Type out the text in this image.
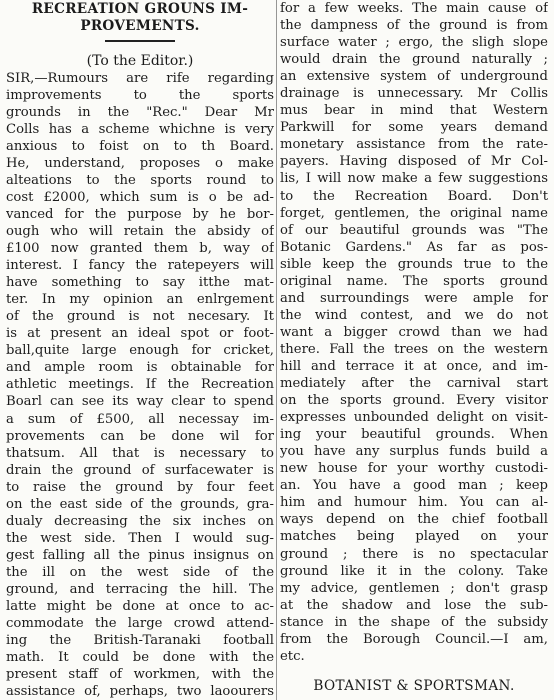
RECREATION GROUNS IM-
PROVEMENTS.
(To the Editor.)
SIR,—Rumours are rife regarding
improvements to the sports
grounds in the "Rec." Dear Mr
Colls has a scheme whichne is very
anxious to foist on to th Board.
He, understand, proposes o make
alteations to the sports round to
cost £2000, which sum is o be ad-
vanced for the purpose by he bor-
ough who will retain the absidy of
£100 now granted them b, way of
interest. I fancy the ratepeyers will
have something to say itthe mat-
ter. In my opinion an enlrgement
of the ground is not necesary. It
is at present an ideal spot or foot-
ball,quite large enough for cricket,
and ample room is obtainable for
athletic meetings. If the Recreation
Boarl can see its way clear to spend
a sum of £500, all necessay im-
provements can be done wil for
thatsum. All that is necessary to
drain the ground of surfacewater is
to raise the ground by four feet
on the east side of the grounds, gra-
dualy decreasing the six inches on
the west side. Then I would sug-
gest falling all the pinus insignus on
the ill on the west side of the
ground, and terracing the hill. The
latte might be done at once to ac-
commodate the large crowd attend-
ing the British-Taranaki football
math. It could be done with the
present staff of workmen, with the
assistance of, perhaps, two laoourers
for a few weeks. The main cause of
the dampness of the ground is from
surface water ; ergo, the sligh slope
would drain the ground naturally ;
an extensive system of underground
drainage is unnecessary. Mr Collis
mus bear in mind that Western
Parkwill for some years demand
monetary assistance from the rate-
payers. Having disposed of Mr Col-
lis, I will now make a few suggestions
to the Recreation Board. Don't
forget, gentlemen, the original name
of our beautiful grounds was "The
Botanic Gardens." As far as pos-
sible keep the grounds true to the
original name. The sports ground
and surroundings were ample for
the wind contest, and we do not
want a bigger crowd than we had
there. Fall the trees on the western
hill and terrace it at once, and im-
mediately after the carnival start
on the sports ground. Every visitor
expresses unbounded delight on visit-
ing your beautiful grounds. When
you have any surplus funds build a
new house for your worthy custodi-
an. You have a good man ; keep
him and humour him. You can al-
ways depend on the chief football
matches being played on your
ground ; there is no spectacular
ground like it in the colony. Take
my advice, gentlemen ; don't grasp
at the shadow and lose the sub-
stance in the shape of the subsidy
from the Borough Council.—I am,
etc.
BOTANIST & SPORTSMAN.
